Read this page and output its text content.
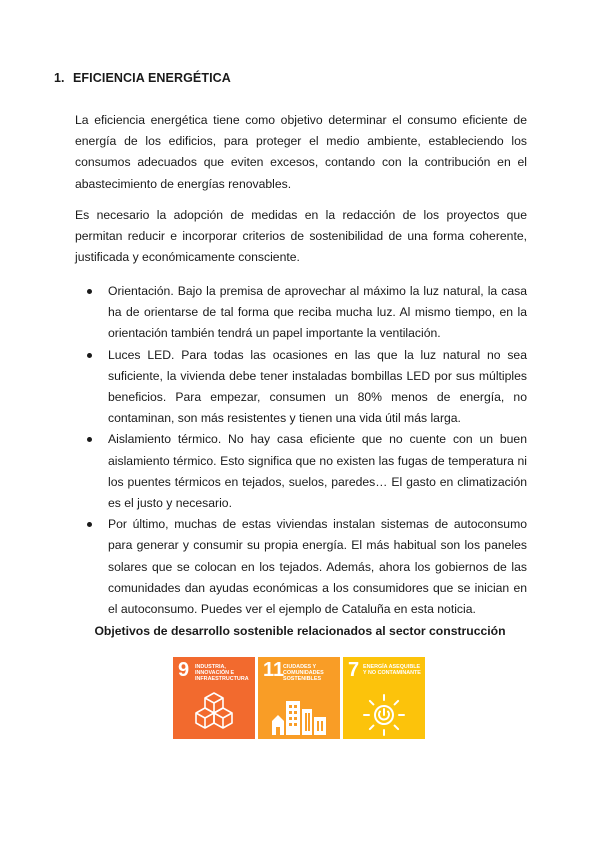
1. EFICIENCIA ENERGÉTICA
La eficiencia energética tiene como objetivo determinar el consumo eficiente de energía de los edificios, para proteger el medio ambiente, estableciendo los consumos adecuados que eviten excesos, contando con la contribución en el abastecimiento de energías renovables.
Es necesario la adopción de medidas en la redacción de los proyectos que permitan reducir e incorporar criterios de sostenibilidad de una forma coherente, justificada y económicamente consciente.
Orientación. Bajo la premisa de aprovechar al máximo la luz natural, la casa ha de orientarse de tal forma que reciba mucha luz. Al mismo tiempo, en la orientación también tendrá un papel importante la ventilación.
Luces LED. Para todas las ocasiones en las que la luz natural no sea suficiente, la vivienda debe tener instaladas bombillas LED por sus múltiples beneficios. Para empezar, consumen un 80% menos de energía, no contaminan, son más resistentes y tienen una vida útil más larga.
Aislamiento térmico. No hay casa eficiente que no cuente con un buen aislamiento térmico. Esto significa que no existen las fugas de temperatura ni los puentes térmicos en tejados, suelos, paredes… El gasto en climatización es el justo y necesario.
Por último, muchas de estas viviendas instalan sistemas de autoconsumo para generar y consumir su propia energía. El más habitual son los paneles solares que se colocan en los tejados. Además, ahora los gobiernos de las comunidades dan ayudas económicas a los consumidores que se inician en el autoconsumo. Puedes ver el ejemplo de Cataluña en esta noticia.
Objetivos de desarrollo sostenible relacionados al sector construcción
9 INDUSTRIA,
INNOVACIÓN E
INFRAESTRUCTURA 11
CIUDADES Y
COMUNIDADES
SOSTENIBLES 7 ENERGÍA ASEQUIBLE
Y NO CONTAMINANTE
